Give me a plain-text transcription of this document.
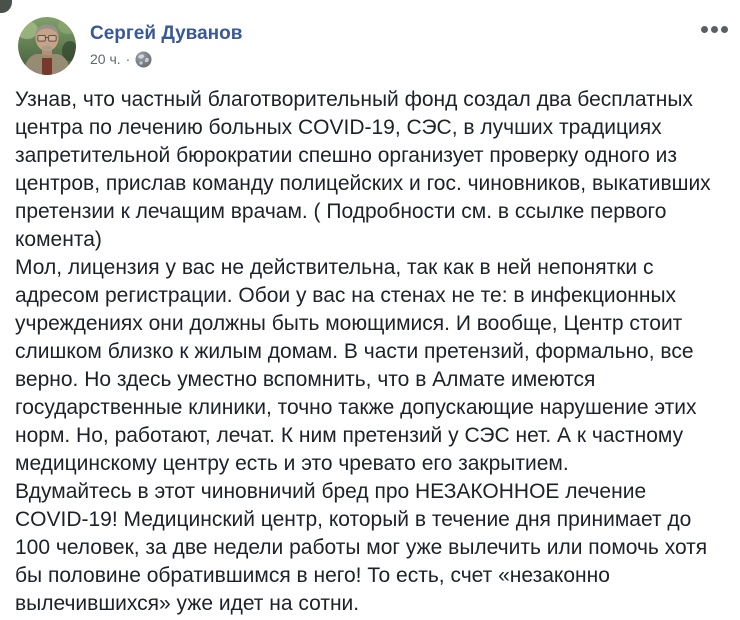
Сергей Дуванов
20 ч. ·

Узнав, что частный благотворительный фонд создал два бесплатных центра по лечению больных COVID-19, СЭС, в лучших традициях запретительной бюрократии спешно организует проверку одного из центров, прислав команду полицейских и гос. чиновников, выкативших претензии к лечащим врачам. ( Подробности см. в ссылке первого комента)

Мол, лицензия у вас не действительна, так как в ней непонятки с адресом регистрации. Обои у вас на стенах не те: в инфекционных учреждениях они должны быть моющимися. И вообще, Центр стоит слишком близко к жилым домам. В части претензий, формально, все верно. Но здесь уместно вспомнить, что в Алмате имеются государственные клиники, точно также допускающие нарушение этих норм. Но, работают, лечат. К ним претензий у СЭС нет. А к частному медицинскому центру есть и это чревато его закрытием.

Вдумайтесь в этот чиновничий бред про НЕЗАКОННОЕ лечение COVID-19! Медицинский центр, который в течение дня принимает до 100 человек, за две недели работы мог уже вылечить или помочь хотя бы половине обратившимся в него! То есть, счет «незаконно вылечившихся» уже идет на сотни.
